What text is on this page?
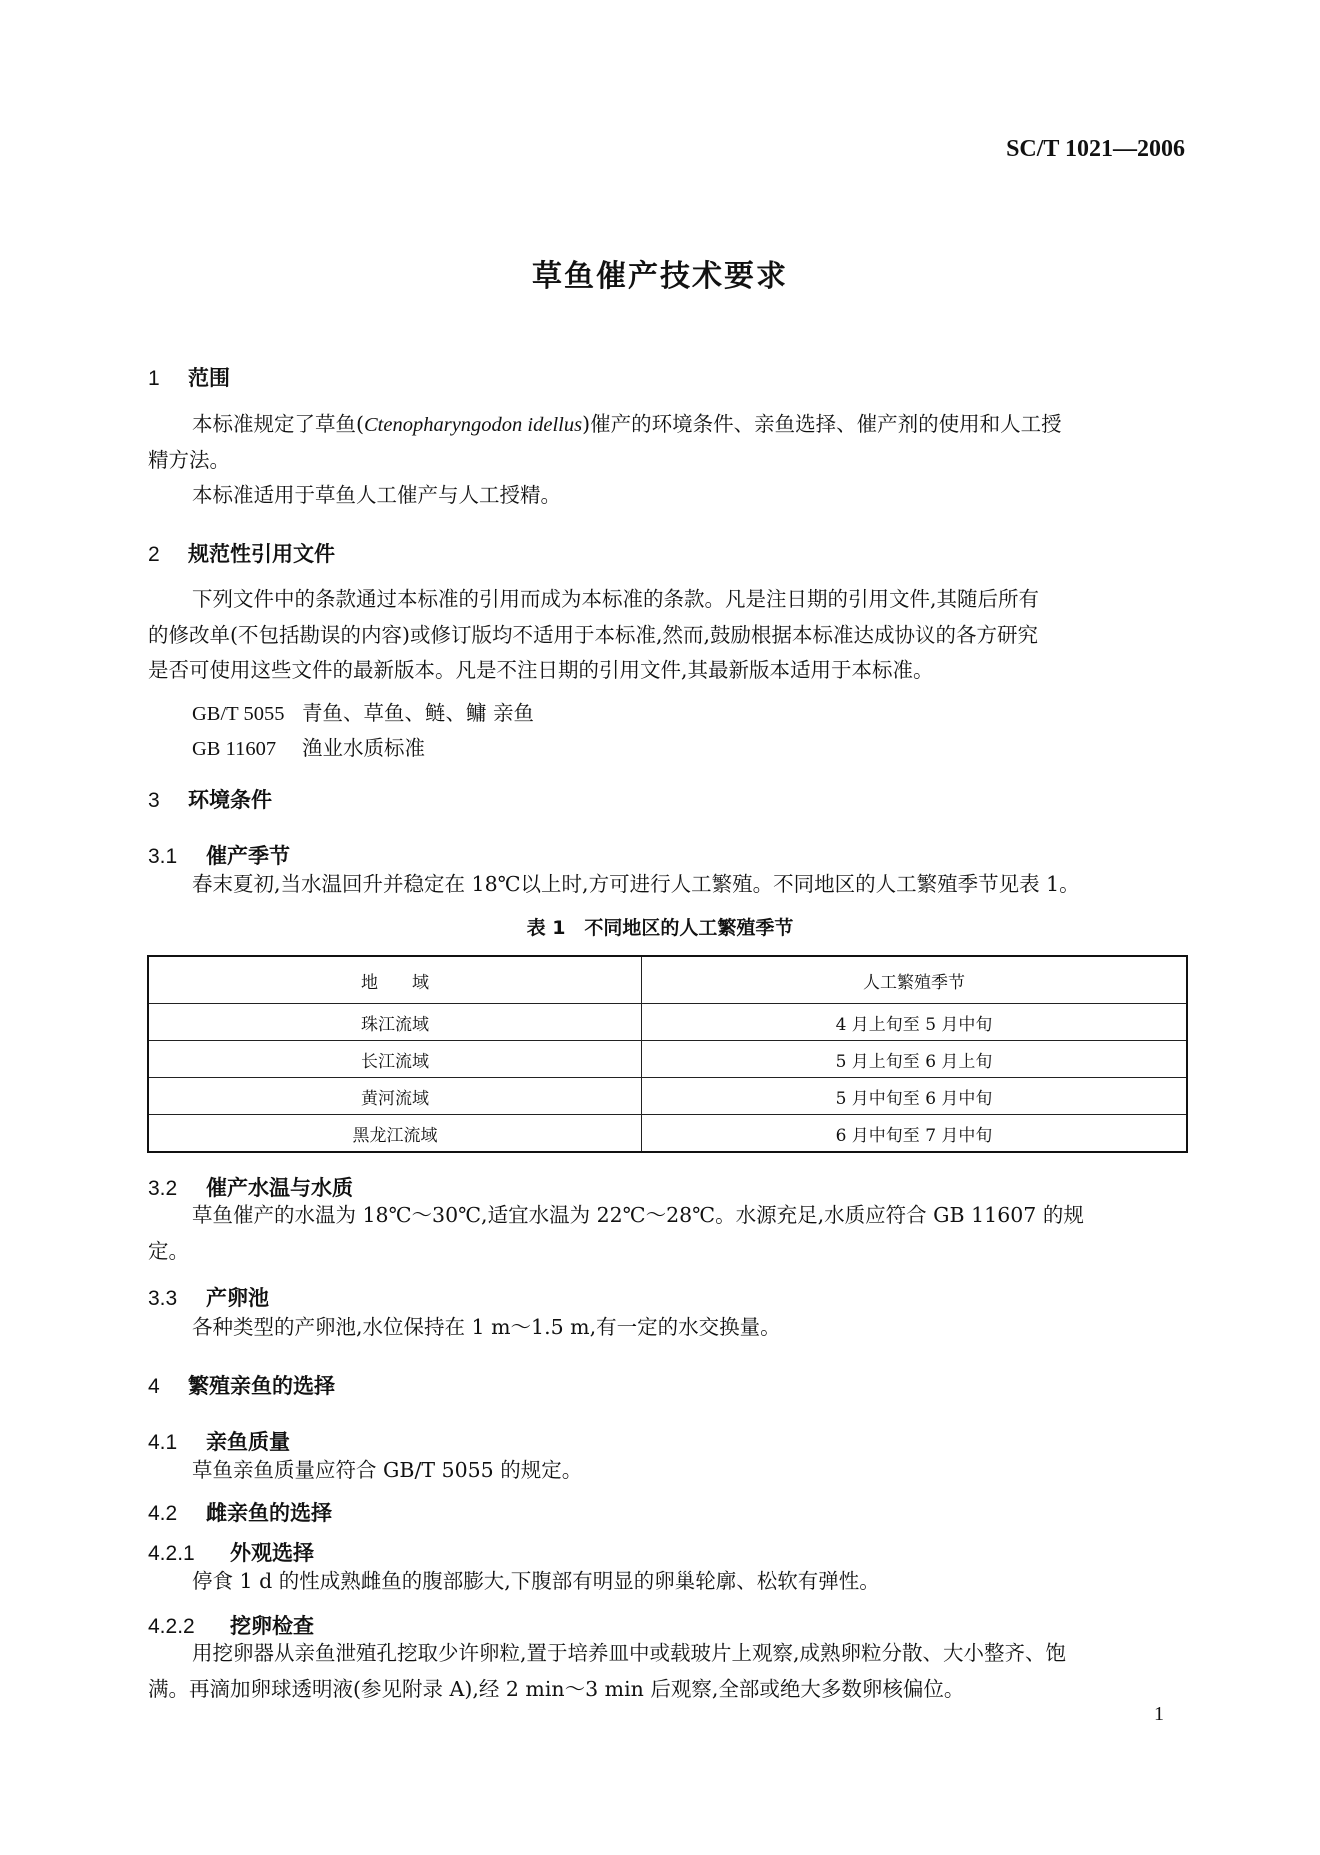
SC/T 1021—2006
草鱼催产技术要求
1 范围
本标准规定了草鱼(Ctenopharyngodon idellus)催产的环境条件、亲鱼选择、催产剂的使用和人工授
精方法。
本标准适用于草鱼人工催产与人工授精。
2 规范性引用文件
下列文件中的条款通过本标准的引用而成为本标准的条款。凡是注日期的引用文件,其随后所有
的修改单(不包括勘误的内容)或修订版均不适用于本标准,然而,鼓励根据本标准达成协议的各方研究
是否可使用这些文件的最新版本。凡是不注日期的引用文件,其最新版本适用于本标准。
GB/T 5055 青鱼、草鱼、鲢、鳙 亲鱼
GB 11607 渔业水质标准
3 环境条件
3.1 催产季节
春末夏初,当水温回升并稳定在 18℃以上时,方可进行人工繁殖。不同地区的人工繁殖季节见表 1。
表 1　不同地区的人工繁殖季节
地　　域	人工繁殖季节
珠江流域	4 月上旬至 5 月中旬
长江流域	5 月上旬至 6 月上旬
黄河流域	5 月中旬至 6 月中旬
黑龙江流域	6 月中旬至 7 月中旬
3.2 催产水温与水质
草鱼催产的水温为 18℃～30℃,适宜水温为 22℃～28℃。水源充足,水质应符合 GB 11607 的规
定。
3.3 产卵池
各种类型的产卵池,水位保持在 1 m～1.5 m,有一定的水交换量。
4 繁殖亲鱼的选择
4.1 亲鱼质量
草鱼亲鱼质量应符合 GB/T 5055 的规定。
4.2 雌亲鱼的选择
4.2.1 外观选择
停食 1 d 的性成熟雌鱼的腹部膨大,下腹部有明显的卵巢轮廓、松软有弹性。
4.2.2 挖卵检查
用挖卵器从亲鱼泄殖孔挖取少许卵粒,置于培养皿中或载玻片上观察,成熟卵粒分散、大小整齐、饱
满。再滴加卵球透明液(参见附录 A),经 2 min～3 min 后观察,全部或绝大多数卵核偏位。
1
